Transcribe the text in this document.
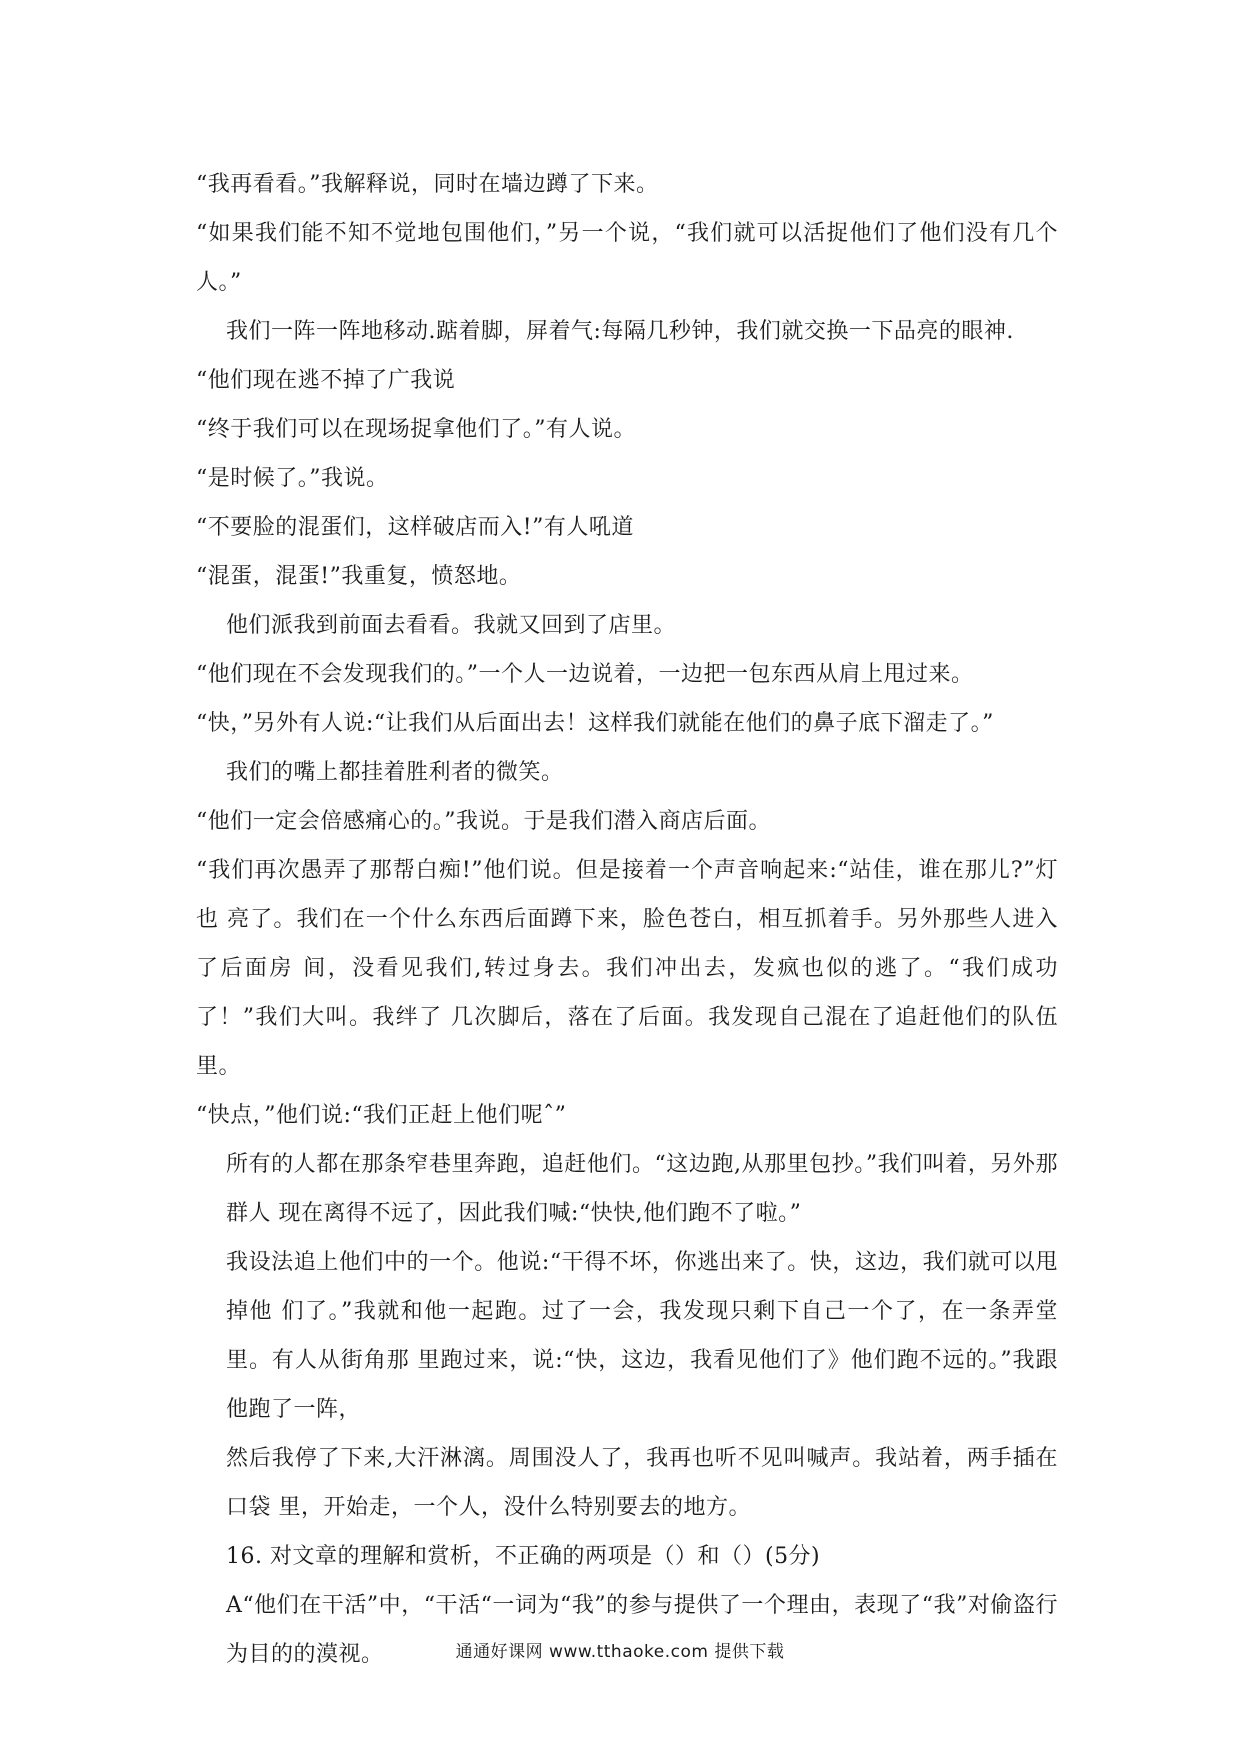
“我再看看。”我解释说，同时在墙边蹲了下来。

“如果我们能不知不觉地包围他们，”另一个说，“我们就可以活捉他们了他们没有几个人。”

我们一阵一阵地移动.踮着脚，屏着气:每隔几秒钟，我们就交换一下品亮的眼神.

“他们现在逃不掉了广我说

“终于我们可以在现场捉拿他们了。”有人说。

“是时候了。”我说。

“不要脸的混蛋们，这样破店而入!”有人吼道

“混蛋，混蛋!”我重复，愤怒地。

他们派我到前面去看看。我就又回到了店里。

“他们现在不会发现我们的。”一个人一边说着，一边把一包东西从肩上甩过来。

“快，”另外有人说:“让我们从后面出去！这样我们就能在他们的鼻子底下溜走了。”

我们的嘴上都挂着胜利者的微笑。

“他们一定会倍感痛心的。”我说。于是我们潜入商店后面。

“我们再次愚弄了那帮白痴!”他们说。但是接着一个声音响起来:“站佳，谁在那儿?”灯也 亮了。我们在一个什么东西后面蹲下来，脸色苍白，相互抓着手。另外那些人进入了后面房 间，没看见我们,转过身去。我们冲出去，发疯也似的逃了。“我们成功了！”我们大叫。我绊了 几次脚后，落在了后面。我发现自己混在了追赶他们的队伍里。

“快点，”他们说:“我们正赶上他们呢ˆ”

所有的人都在那条窄巷里奔跑，追赶他们。“这边跑,从那里包抄。”我们叫着，另外那群人 现在离得不远了，因此我们喊:“快快,他们跑不了啦。”

我设法追上他们中的一个。他说:“干得不坏，你逃出来了。快，这边，我们就可以甩掉他 们了。”我就和他一起跑。过了一会，我发现只剩下自己一个了，在一条弄堂里。有人从街角那 里跑过来，说:“快，这边，我看见他们了》他们跑不远的。”我跟他跑了一阵，

然后我停了下来,大汗淋漓。周围没人了，我再也听不见叫喊声。我站着，两手插在口袋 里，开始走，一个人，没什么特别要去的地方。

16. 对文章的理解和赏析，不正确的两项是（）和（）(5分)

A“他们在干活”中，“干活“一词为“我”的参与提供了一个理由，表现了“我”对偷盗行为目的的漠视。	通通好课网 www.tthaoke.com 提供下载
